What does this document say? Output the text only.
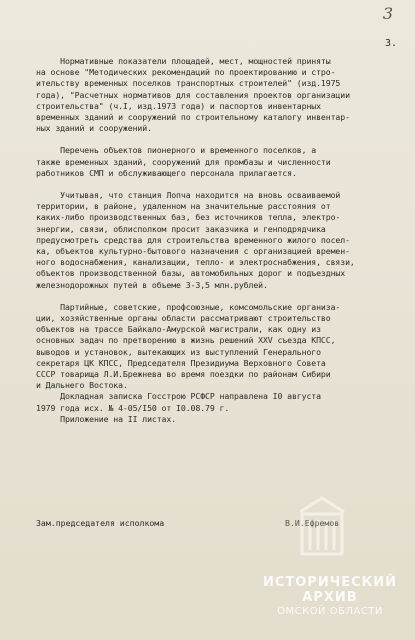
3
3.
Нормативные показатели площадей, мест, мощностей приняты
на основе "Методических рекомендаций по проектированию и стро-
ительству временных поселков транспортных строителей" (изд.1975
года), "Расчетных нормативов для составления проектов организации
строительства" (ч.I, изд.1973 года) и паспортов инвентарных
временных зданий и сооружений по строительному каталогу инвентар-
ных зданий и сооружений.
Перечень объектов пионерного и временного поселков, а
также временных зданий, сооружений для промбазы и численности
работников СМП и обслуживающего персонала прилагается.
Учитывая, что станция Лопча находится на вновь осваиваемой
территории, в районе, удаленном на значительные расстояния от
каких-либо производственных баз, без источников тепла, электро-
энергии, связи, облисполком просит заказчика и генподрядчика
предусмотреть средства для строительства временного жилого посел-
ка, объектов культурно-бытового назначения с организацией времен-
ного водоснабжения, канализации, тепло- и электроснабжения, связи,
объектов производственной базы, автомобильных дорог и подъездных
железнодорожных путей в объеме 3-3,5 млн.рублей.
Партийные, советские, профсоюзные, комсомольские организа-
ции, хозяйственные органы области рассматривают строительство
объектов на трассе Байкало-Амурской магистрали, как одну из
основных задач по претворению в жизнь решений XXV съезда КПСС,
выводов и установок, вытекающих из выступлений Генерального
секретаря ЦК КПСС, Председателя Президиума Верховного Совета
СССР товарища Л.И.Брежнева во время поездки по районам Сибири
и Дальнего Востока.
Докладная записка Госстрою РСФСР направлена I0 августа
1979 года исх. № 4-05/I50 от I0.08.79 г.
Приложение на II листах.
Зам.председателя исполкома	В.И.Ефремов
ИСТОРИЧЕСКИЙ
АРХИВ
ОМСКОЙ ОБЛАСТИ
